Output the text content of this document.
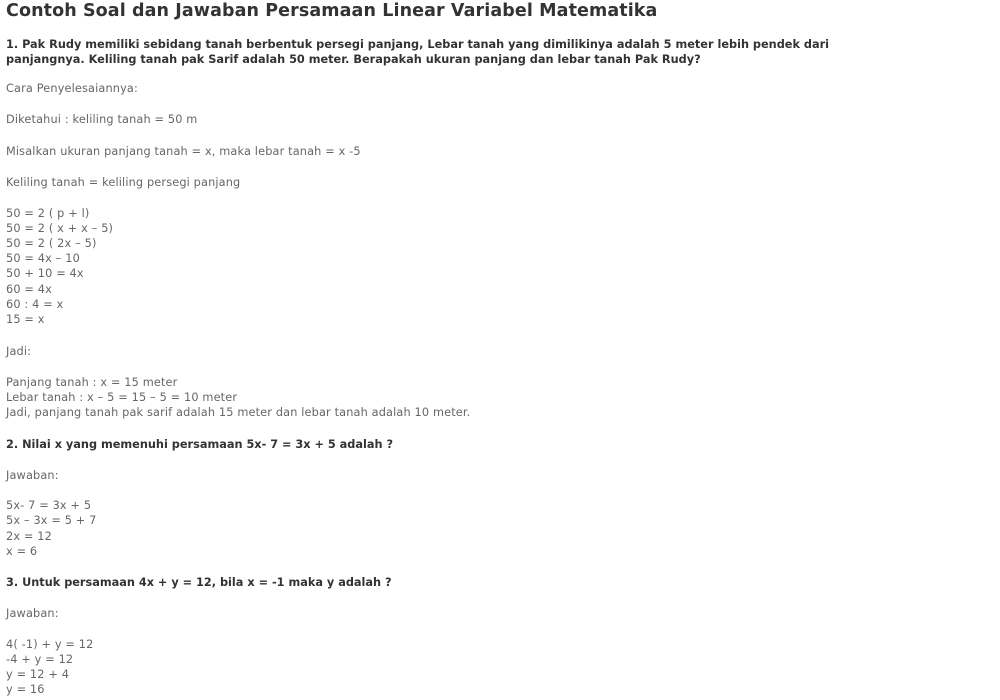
Contoh Soal dan Jawaban Persamaan Linear Variabel Matematika
1. Pak Rudy memiliki sebidang tanah berbentuk persegi panjang, Lebar tanah yang dimilikinya adalah 5 meter lebih pendek dari
panjangnya. Keliling tanah pak Sarif adalah 50 meter. Berapakah ukuran panjang dan lebar tanah Pak Rudy?
Cara Penyelesaiannya:
Diketahui : keliling tanah = 50 m
Misalkan ukuran panjang tanah = x, maka lebar tanah = x -5
Keliling tanah = keliling persegi panjang
50 = 2 ( p + l)
50 = 2 ( x + x – 5)
50 = 2 ( 2x – 5)
50 = 4x – 10
50 + 10 = 4x
60 = 4x
60 : 4 = x
15 = x
Jadi:
Panjang tanah : x = 15 meter
Lebar tanah : x – 5 = 15 – 5 = 10 meter
Jadi, panjang tanah pak sarif adalah 15 meter dan lebar tanah adalah 10 meter.
2. Nilai x yang memenuhi persamaan 5x- 7 = 3x + 5 adalah ?
Jawaban:
5x- 7 = 3x + 5
5x – 3x = 5 + 7
2x = 12
x = 6
3. Untuk persamaan 4x + y = 12, bila x = -1 maka y adalah ?
Jawaban:
4( -1) + y = 12
-4 + y = 12
y = 12 + 4
y = 16
